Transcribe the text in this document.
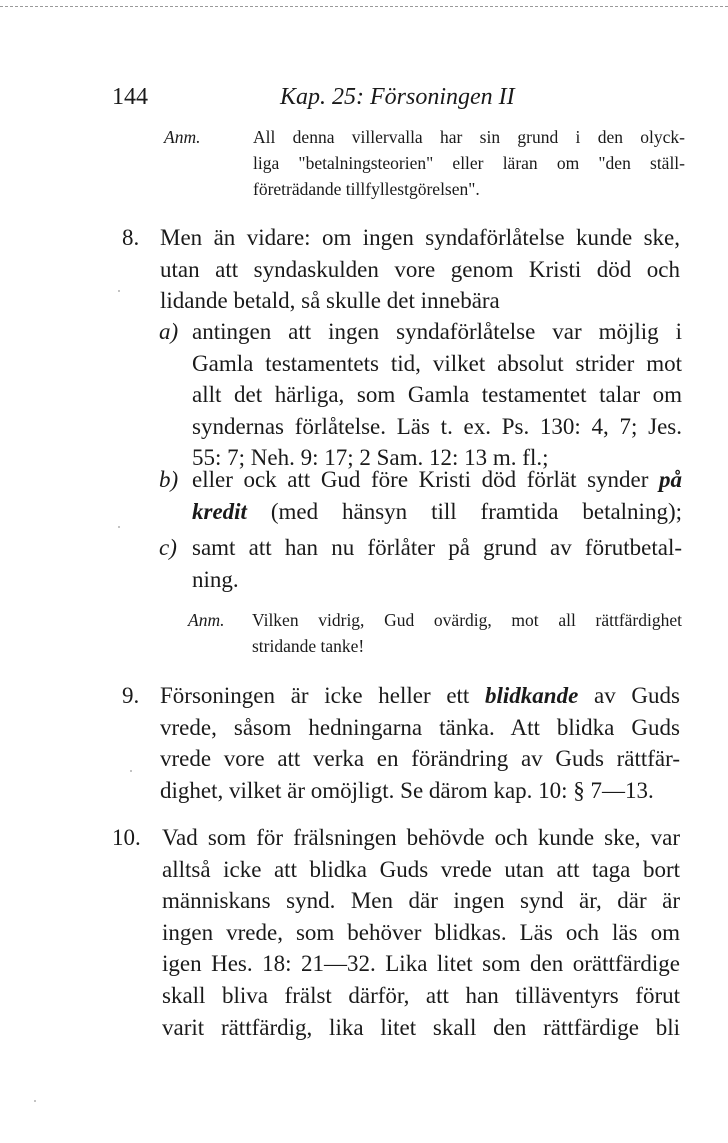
144	Kap. 25: Försoningen II
Anm.	All denna villervalla har sin grund i den olyck-
liga "betalningsteorien" eller läran om "den ställ-
företrädande tillfyllestgörelsen".
8. Men än vidare: om ingen syndaförlåtelse kunde ske,
utan att syndaskulden vore genom Kristi död och
lidande betald, så skulle det innebära
a) antingen att ingen syndaförlåtelse var möjlig i
Gamla testamentets tid, vilket absolut strider mot
allt det härliga, som Gamla testamentet talar om
syndernas förlåtelse. Läs t. ex. Ps. 130: 4, 7; Jes.
55: 7; Neh. 9: 17; 2 Sam. 12: 13 m. fl.;
b) eller ock att Gud före Kristi död förlät synder på
kredit (med hänsyn till framtida betalning);
c) samt att han nu förlåter på grund av förutbetal-
ning.
Anm. Vilken vidrig, Gud ovärdig, mot all rättfärdighet
stridande tanke!
9. Försoningen är icke heller ett blidkande av Guds
vrede, såsom hedningarna tänka. Att blidka Guds
vrede vore att verka en förändring av Guds rättfär-
dighet, vilket är omöjligt. Se därom kap. 10: § 7—13.
10. Vad som för frälsningen behövde och kunde ske, var
alltså icke att blidka Guds vrede utan att taga bort
människans synd. Men där ingen synd är, där är
ingen vrede, som behöver blidkas. Läs och läs om
igen Hes. 18: 21—32. Lika litet som den orättfärdige
skall bliva frälst därför, att han tilläventyrs förut
varit rättfärdig, lika litet skall den rättfärdige bli
